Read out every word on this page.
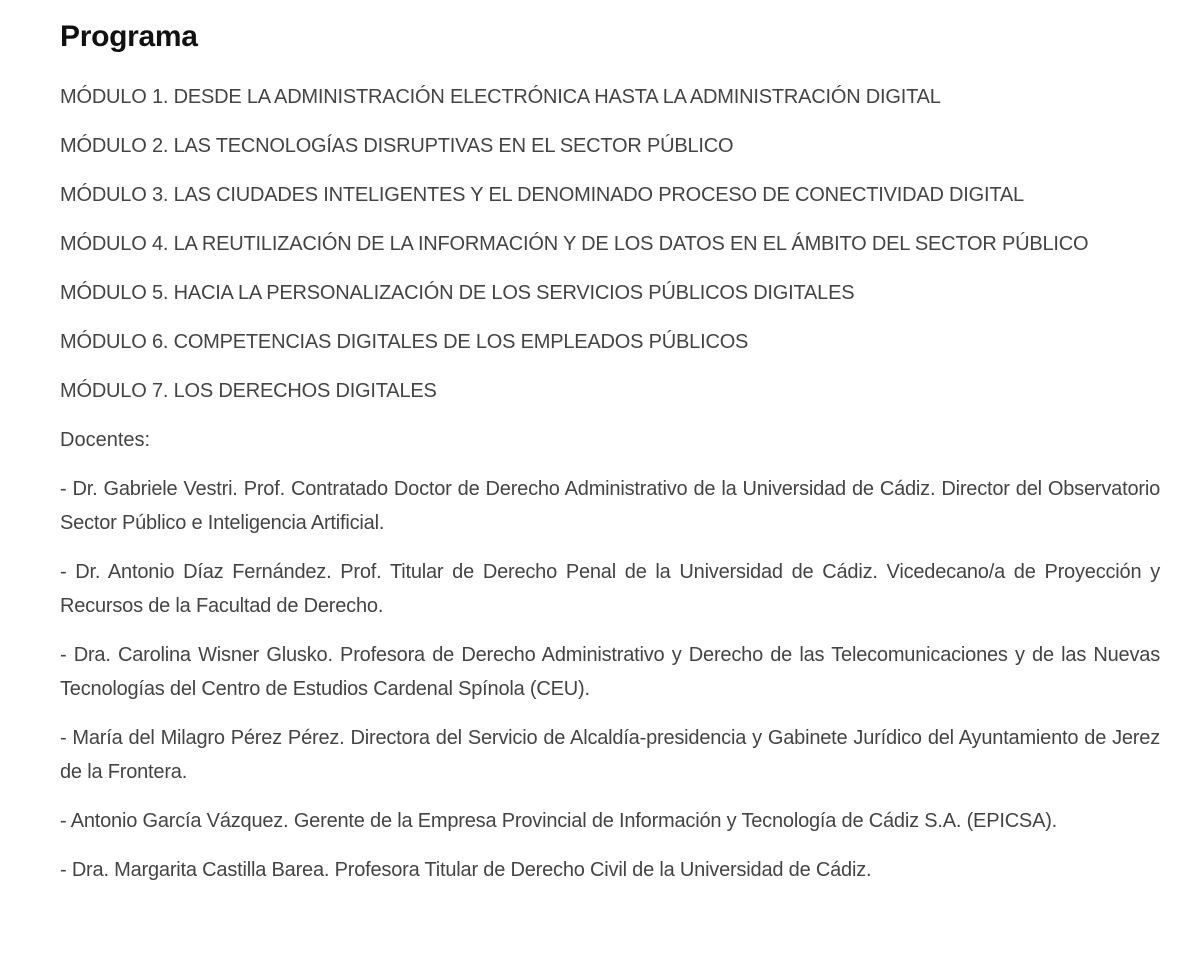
Programa

MÓDULO 1. DESDE LA ADMINISTRACIÓN ELECTRÓNICA HASTA LA ADMINISTRACIÓN DIGITAL

MÓDULO 2. LAS TECNOLOGÍAS DISRUPTIVAS EN EL SECTOR PÚBLICO

MÓDULO 3. LAS CIUDADES INTELIGENTES Y EL DENOMINADO PROCESO DE CONECTIVIDAD DIGITAL

MÓDULO 4. LA REUTILIZACIÓN DE LA INFORMACIÓN Y DE LOS DATOS EN EL ÁMBITO DEL SECTOR PÚBLICO

MÓDULO 5. HACIA LA PERSONALIZACIÓN DE LOS SERVICIOS PÚBLICOS DIGITALES

MÓDULO 6. COMPETENCIAS DIGITALES DE LOS EMPLEADOS PÚBLICOS

MÓDULO 7. LOS DERECHOS DIGITALES

Docentes:

- Dr. Gabriele Vestri. Prof. Contratado Doctor de Derecho Administrativo de la Universidad de Cádiz. Director del Observatorio Sector Público e Inteligencia Artificial.

- Dr. Antonio Díaz Fernández. Prof. Titular de Derecho Penal de la Universidad de Cádiz. Vicedecano/a de Proyección y Recursos de la Facultad de Derecho.

- Dra. Carolina Wisner Glusko. Profesora de Derecho Administrativo y Derecho de las Telecomunicaciones y de las Nuevas Tecnologías del Centro de Estudios Cardenal Spínola (CEU).

- María del Milagro Pérez Pérez. Directora del Servicio de Alcaldía-presidencia y Gabinete Jurídico del Ayuntamiento de Jerez de la Frontera.

- Antonio García Vázquez. Gerente de la Empresa Provincial de Información y Tecnología de Cádiz S.A. (EPICSA).

- Dra. Margarita Castilla Barea. Profesora Titular de Derecho Civil de la Universidad de Cádiz.
